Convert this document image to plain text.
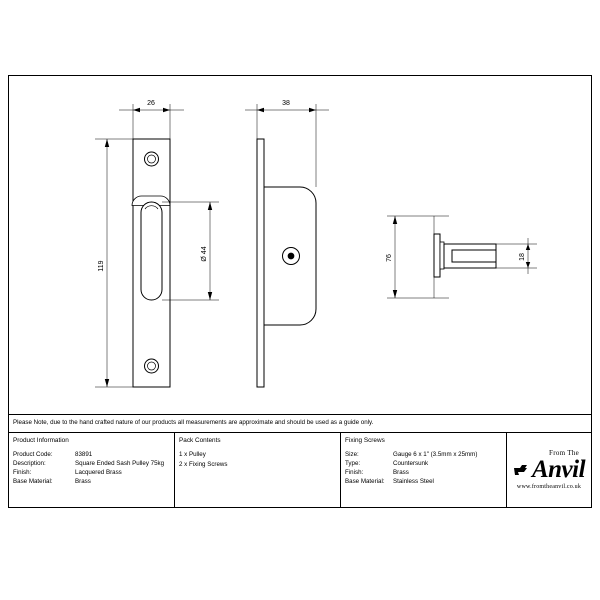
26	38
119
Ø 44	76	18
Please Note, due to the hand crafted nature of our products all measurements are approximate and should be used as a guide only.
Product Information
Product Code:	83891
Description:	Square Ended Sash Pulley 75kg
Finish:	Lacquered Brass
Base Material:	Brass
Pack Contents
1 x Pulley
2 x Fixing Screws
Fixing Screws
Size:	Gauge 6 x 1" (3.5mm x 25mm)
Type:	Countersunk
Finish:	Brass
Base Material:	Stainless Steel
From The
Anvil
www.fromtheanvil.co.uk
